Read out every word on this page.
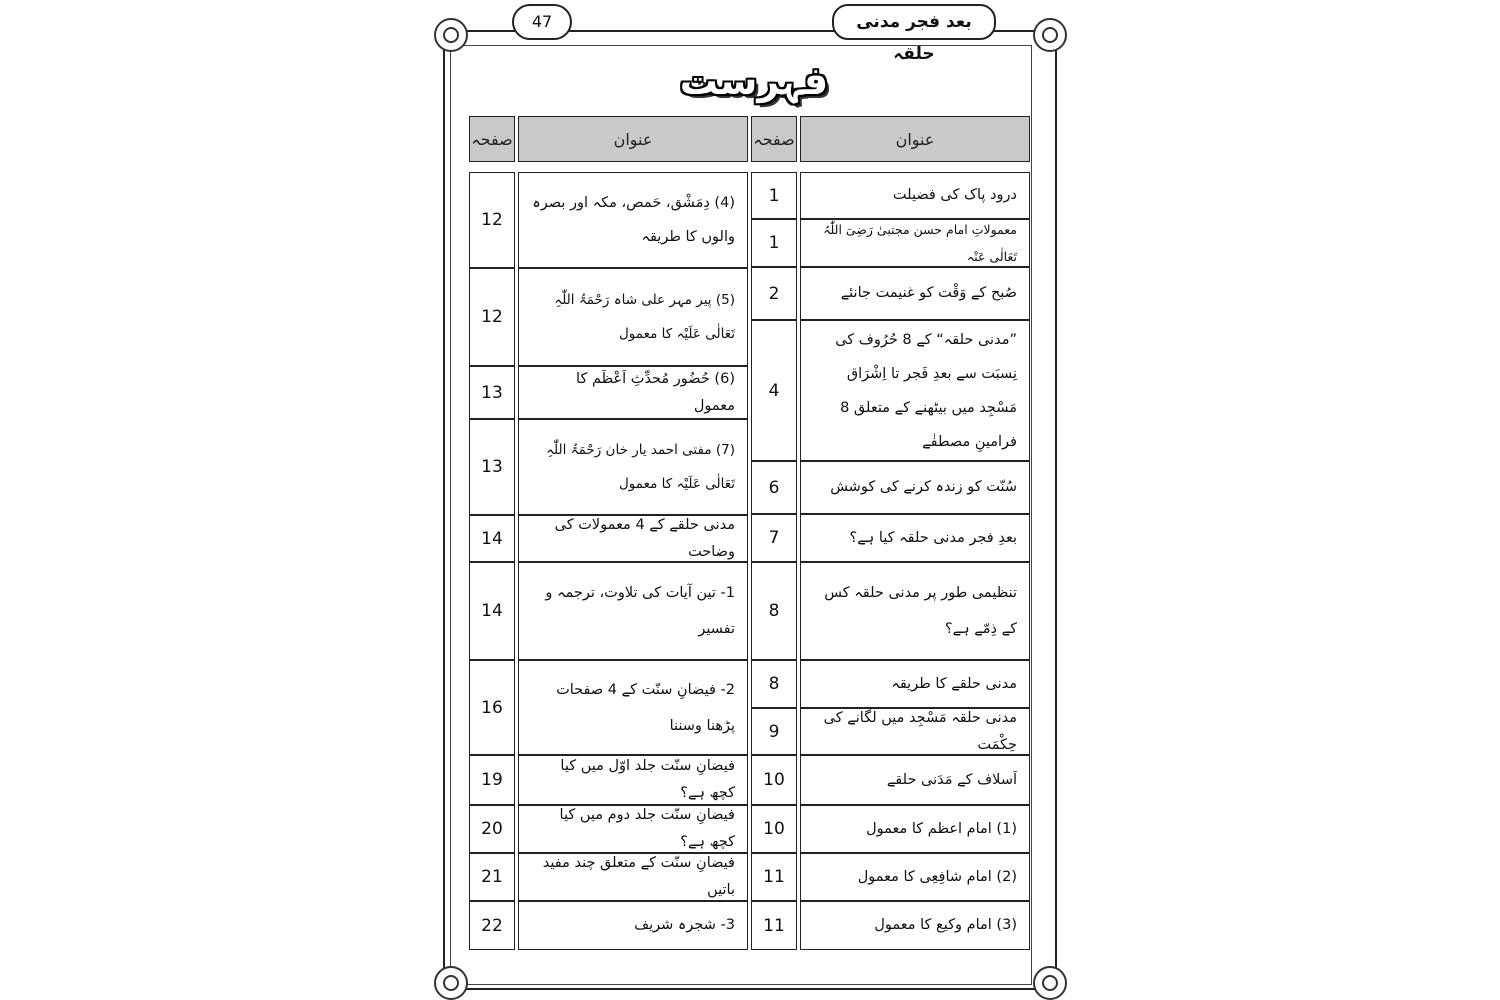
47	بعد فجر مدنی حلقہ
فہرست
عنوان
صفحہ
عنوان
صفحہ
درود پاک کی فضیلت
1
معمولاتِ امام حسن مجتبیٰ رَضِیَ اللّٰہُ تَعَالٰی عَنْہ
1
صُبح کے وَقْت کو غنیمت جانئے
2
”مدنی حلقہ“ کے 8 حُرُوف کی نِسبَت سے بعدِ فَجر تا اِشْرَاق مَسْجِد میں بیٹھنے کے متعلق 8 فرامینِ مصطفٰے
4
سُنّت کو زندہ کرنے کی کوشش
6
بعدِ فجر مدنی حلقہ کیا ہے؟
7
تنظیمی طور پر مدنی حلقہ کس کے ذِمّے ہے؟
8
مدنی حلقے کا طریقہ
8
مدنی حلقہ مَسْجِد میں لگانے کی حِکْمَت
9
اَسلاف کے مَدَنی حلقے
10
(1) امام اعظم کا معمول
10
(2) امام شافِعِی کا معمول
11
(3) امام وکیع کا معمول
11
(4) دِمَشْق، حَمص، مکہ اور بصرہ والوں کا طریقہ
12
(5) پیر مہر علی شاہ رَحْمَۃُ اللّٰہِ تَعَالٰی عَلَیْہ کا معمول
12
(6) حُضُور مُحدِّثِ اَعْظَم کا معمول
13
(7) مفتی احمد یار خان رَحْمَۃُ اللّٰہِ تَعَالٰی عَلَیْہ کا معمول
13
مدنی حلقے کے 4 معمولات کی وضاحت
14
1- تین آیات کی تلاوت، ترجمہ و تفسیر
14
2- فیضانِ سنّت کے 4 صفحات پڑھنا وسننا
16
فیضانِ سنّت جلد اوّل میں کیا کچھ ہے؟
19
فیضانِ سنّت جلد دوم میں کیا کچھ ہے؟
20
فیضانِ سنّت کے متعلق چند مفید باتیں
21
3- شجرہ شریف
22
